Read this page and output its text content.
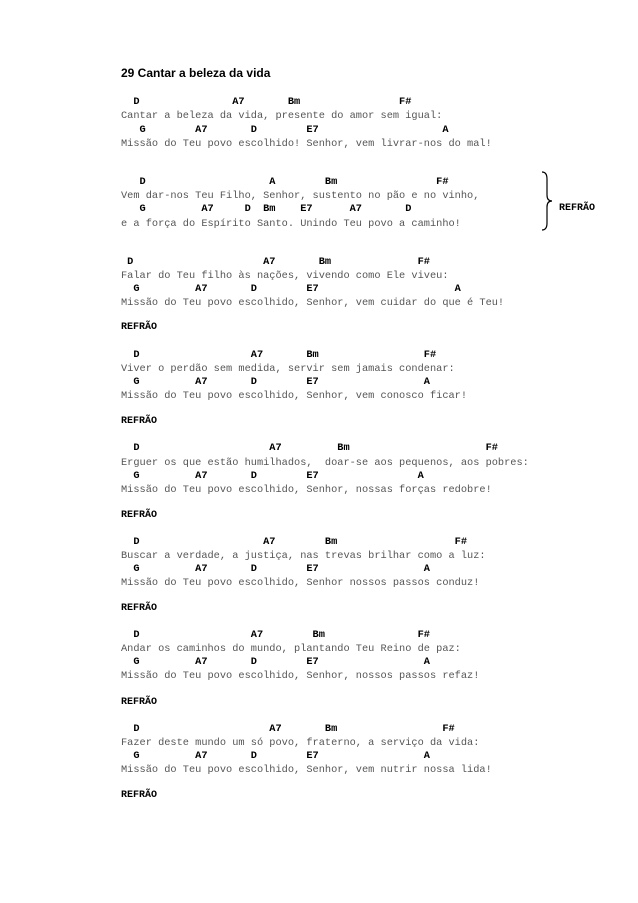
29 Cantar a beleza da vida
D               A7       Bm                F#
Cantar a beleza da vida, presente do amor sem igual:
G        A7       D        E7                    A
Missão do Teu povo escolhido! Senhor, vem livrar-nos do mal!
D                    A        Bm                F#
Vem dar-nos Teu Filho, Senhor, sustento no pão e no vinho,
G         A7     D  Bm    E7      A7       D
e a força do Espírito Santo. Unindo Teu povo a caminho!
REFRÃO
D                     A7       Bm              F#
Falar do Teu filho às nações, vivendo como Ele viveu:
G         A7       D        E7                      A
Missão do Teu povo escolhido, Senhor, vem cuidar do que é Teu!
REFRÃO
D                  A7       Bm                 F#
Viver o perdão sem medida, servir sem jamais condenar:
G         A7       D        E7                 A
Missão do Teu povo escolhido, Senhor, vem conosco ficar!
REFRÃO
D                     A7         Bm                      F#
Erguer os que estão humilhados,  doar-se aos pequenos, aos pobres:
G         A7       D        E7                A
Missão do Teu povo escolhido, Senhor, nossas forças redobre!
REFRÃO
D                    A7        Bm                   F#
Buscar a verdade, a justiça, nas trevas brilhar como a luz:
G         A7       D        E7                 A
Missão do Teu povo escolhido, Senhor nossos passos conduz!
REFRÃO
D                  A7        Bm               F#
Andar os caminhos do mundo, plantando Teu Reino de paz:
G         A7       D        E7                 A
Missão do Teu povo escolhido, Senhor, nossos passos refaz!
REFRÃO
D                     A7       Bm                 F#
Fazer deste mundo um só povo, fraterno, a serviço da vida:
G         A7       D        E7                 A
Missão do Teu povo escolhido, Senhor, vem nutrir nossa lida!
REFRÃO
